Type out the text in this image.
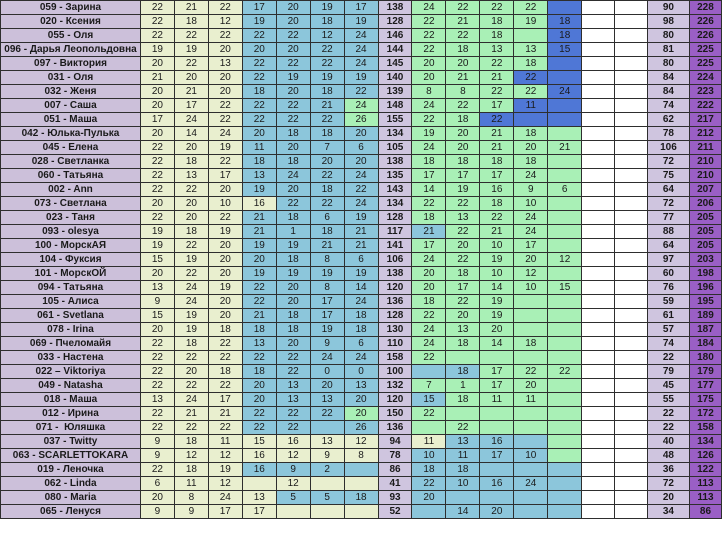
059 - Зарина	22	21	22	17	20	19	17	138	24	22	22	22				90	228
020 - Ксения	22	18	12	19	20	18	19	128	22	21	18	19	18			98	226
055 - Оля	22	22	22	22	22	12	24	146	22	22	18		18			80	226
096 - Дарья Леопольдовна	19	19	20	20	20	22	24	144	22	18	13	13	15			81	225
097 - Виктория	20	22	13	22	22	22	24	145	20	20	22	18				80	225
031 - Оля	21	20	20	22	19	19	19	140	20	21	21	22				84	224
032 - Женя	20	21	20	18	20	18	22	139	8	8	22	22	24			84	223
007 - Саша	20	17	22	22	22	21	24	148	24	22	17	11				74	222
051 - Маша	17	24	22	22	22	22	26	155	22	18	22					62	217
042 - Юлька-Пулька	20	14	24	20	18	18	20	134	19	20	21	18				78	212
045 - Елена	22	20	19	11	20	7	6	105	24	20	21	20	21			106	211
028 - Светланка	22	18	22	18	18	20	20	138	18	18	18	18				72	210
060 - Татьяна	22	13	17	13	24	22	24	135	17	17	17	24				75	210
002 - Ann	22	22	20	19	20	18	22	143	14	19	16	9	6			64	207
073 - Светлана	20	20	10	16	22	22	24	134	22	22	18	10				72	206
023 - Таня	22	20	22	21	18	6	19	128	18	13	22	24				77	205
093 - olesya	19	18	19	21	1	18	21	117	21	22	21	24				88	205
100 - МорскАЯ	19	22	20	19	19	21	21	141	17	20	10	17				64	205
104 - Фуксия	15	19	20	20	18	8	6	106	24	22	19	20	12			97	203
101 - МорскОЙ	20	22	20	19	19	19	19	138	20	18	10	12				60	198
094 - Татьяна	13	24	19	22	20	8	14	120	20	17	14	10	15			76	196
105 - Алиса	9	24	20	22	20	17	24	136	18	22	19					59	195
061 - Svetlana	15	19	20	21	18	17	18	128	22	20	19					61	189
078 - Irina	20	19	18	18	18	19	18	130	24	13	20					57	187
069 - Пчеломайя	22	18	22	13	20	9	6	110	24	18	14	18				74	184
033 - Настена	22	22	22	22	22	24	24	158	22							22	180
022 – Viktoriya	22	20	18	18	22	0	0	100		18	17	22	22			79	179
049 - Natasha	22	22	22	20	13	20	13	132	7	1	17	20				45	177
018 - Маша	13	24	17	20	13	13	20	120	15	18	11	11				55	175
012 - Ирина	22	21	21	22	22	22	20	150	22							22	172
071 -  Юляшка	22	22	22	22	22		26	136		22						22	158
037 - Twitty	9	18	11	15	16	13	12	94	11	13	16					40	134
063 - SCARLETTOKARA	9	12	12	16	12	9	8	78	10	11	17	10				48	126
019 - Леночка	22	18	19	16	9	2		86	18	18						36	122
062 - Linda	6	11	12		12			41	22	10	16	24				72	113
080 - Maria	20	8	24	13	5	5	18	93	20							20	113
065 - Ленуся	9	9	17	17				52		14	20					34	86
